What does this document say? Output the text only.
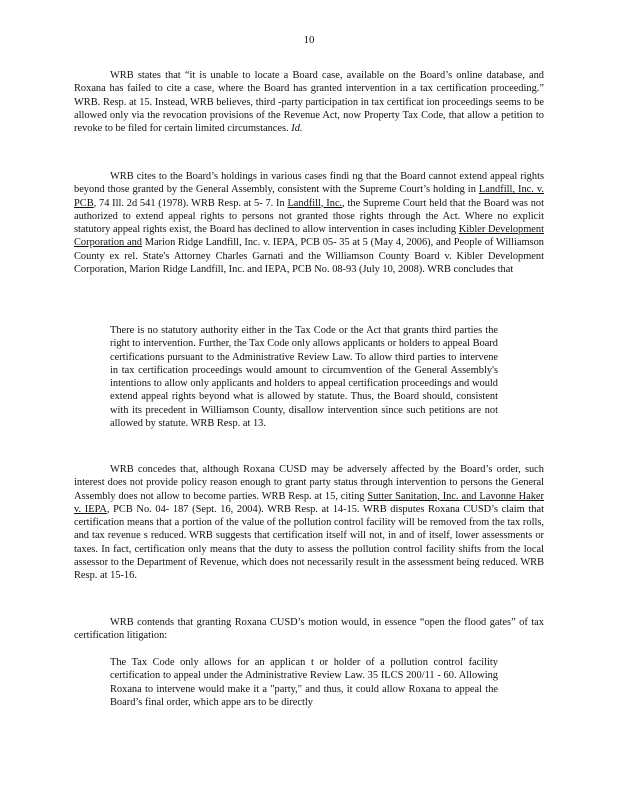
10

WRB states that “it is unable to locate a Board case, available on the Board’s online database, and Roxana has failed to cite a case, where the Board has granted intervention in a tax certification proceeding.” WRB. Resp. at 15. Instead, WRB believes, third -party participation in tax certificat ion proceedings seems to be allowed only via the revocation provisions of the Revenue Act, now Property Tax Code, that allow a petition to revoke to be filed for certain limited circumstances. Id.

WRB cites to the Board’s holdings in various cases findi ng that the Board cannot extend appeal rights beyond those granted by the General Assembly, consistent with the Supreme Court’s holding in Landfill, Inc. v. PCB, 74 Ill. 2d 541 (1978). WRB Resp. at 5- 7. In Landfill, Inc., the Supreme Court held that the Board was not authorized to extend appeal rights to persons not granted those rights through the Act. Where no explicit statutory appeal rights exist, the Board has declined to allow intervention in cases including Kibler Development Corporation and Marion Ridge Landfill, Inc. v. IEPA, PCB 05- 35 at 5 (May 4, 2006), and People of Williamson County ex rel. State's Attorney Charles Garnati and the Williamson County Board v. Kibler Development Corporation, Marion Ridge Landfill, Inc. and IEPA, PCB No. 08-93 (July 10, 2008). WRB concludes that

There is no statutory authority either in the Tax Code or the Act that grants third parties the right to intervention. Further, the Tax Code only allows applicants or holders to appeal Board certifications pursuant to the Administrative Review Law. To allow third parties to intervene in tax certification proceedings would amount to circumvention of the General Assembly's intentions to allow only applicants and holders to appeal certification proceedings and would extend appeal rights beyond what is allowed by statute. Thus, the Board should, consistent with its precedent in Williamson County, disallow intervention since such petitions are not allowed by statute. WRB Resp. at 13.

WRB concedes that, although Roxana CUSD may be adversely affected by the Board’s order, such interest does not provide policy reason enough to grant party status through intervention to persons the General Assembly does not allow to become parties. WRB Resp. at 15, citing Sutter Sanitation, Inc. and Lavonne Haker v. IEPA, PCB No. 04- 187 (Sept. 16, 2004). WRB Resp. at 14-15. WRB disputes Roxana CUSD’s claim that certification means that a portion of the value of the pollution control facility will be removed from the tax rolls, and tax revenue s reduced. WRB suggests that certification itself will not, in and of itself, lower assessments or taxes. In fact, certification only means that the duty to assess the pollution control facility shifts from the local assessor to the Department of Revenue, which does not necessarily result in the assessment being reduced. WRB Resp. at 15-16.

WRB contends that granting Roxana CUSD’s motion would, in essence “open the flood gates” of tax certification litigation:

The Tax Code only allows for an applican t or holder of a pollution control facility certification to appeal under the Administrative Review Law. 35 ILCS 200/11 - 60. Allowing Roxana to intervene would make it a "party," and thus, it could allow Roxana to appeal the Board’s final order, which appe ars to be directly
